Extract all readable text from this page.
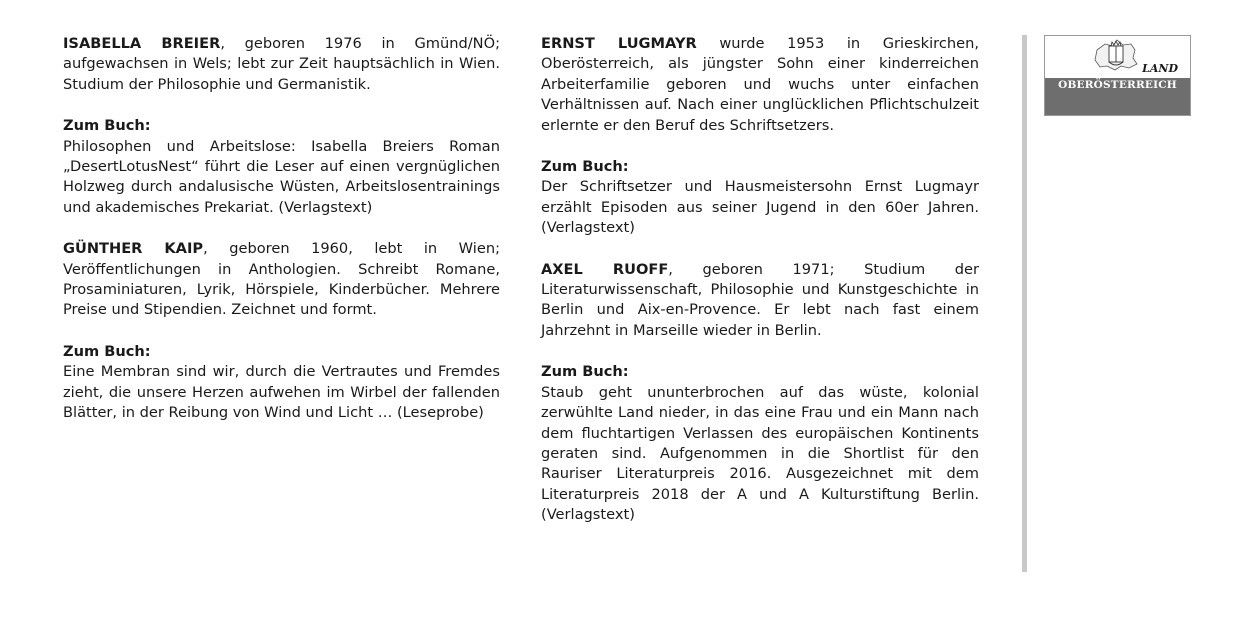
ISABELLA BREIER, geboren 1976 in Gmünd/NÖ; aufgewachsen in Wels; lebt zur Zeit hauptsächlich in Wien. Studium der Philosophie und Germanistik.
Zum Buch:
Philosophen und Arbeitslose: Isabella Breiers Roman „DesertLotusNest“ führt die Leser auf einen vergnüglichen Holzweg durch andalusische Wüsten, Arbeitslosentrainings und akademisches Prekariat. (Verlagstext)
GÜNTHER KAIP, geboren 1960, lebt in Wien; Veröffentlichungen in Anthologien. Schreibt Romane, Prosaminiaturen, Lyrik, Hörspiele, Kinderbücher. Mehrere Preise und Stipendien. Zeichnet und formt.
Zum Buch:
Eine Membran sind wir, durch die Vertrautes und Fremdes zieht, die unsere Herzen aufwehen im Wirbel der fallenden Blätter, in der Reibung von Wind und Licht … (Leseprobe)
ERNST LUGMAYR wurde 1953 in Grieskirchen, Oberösterreich, als jüngster Sohn einer kinderreichen Arbeiterfamilie geboren und wuchs unter einfachen Verhältnissen auf. Nach einer unglücklichen Pflichtschulzeit erlernte er den Beruf des Schriftsetzers.
Zum Buch:
Der Schriftsetzer und Hausmeistersohn Ernst Lugmayr erzählt Episoden aus seiner Jugend in den 60er Jahren. (Verlagstext)
AXEL RUOFF, geboren 1971; Studium der Literaturwissenschaft, Philosophie und Kunstgeschichte in Berlin und Aix-en-Provence. Er lebt nach fast einem Jahrzehnt in Marseille wieder in Berlin.
Zum Buch:
Staub geht ununterbrochen auf das wüste, kolonial zerwühlte Land nieder, in das eine Frau und ein Mann nach dem fluchtartigen Verlassen des europäischen Kontinents geraten sind. Aufgenommen in die Shortlist für den Rauriser Literaturpreis 2016. Ausgezeichnet mit dem Literaturpreis 2018 der A und A Kulturstiftung Berlin. (Verlagstext)
LAND
OBERÖSTERREICH
